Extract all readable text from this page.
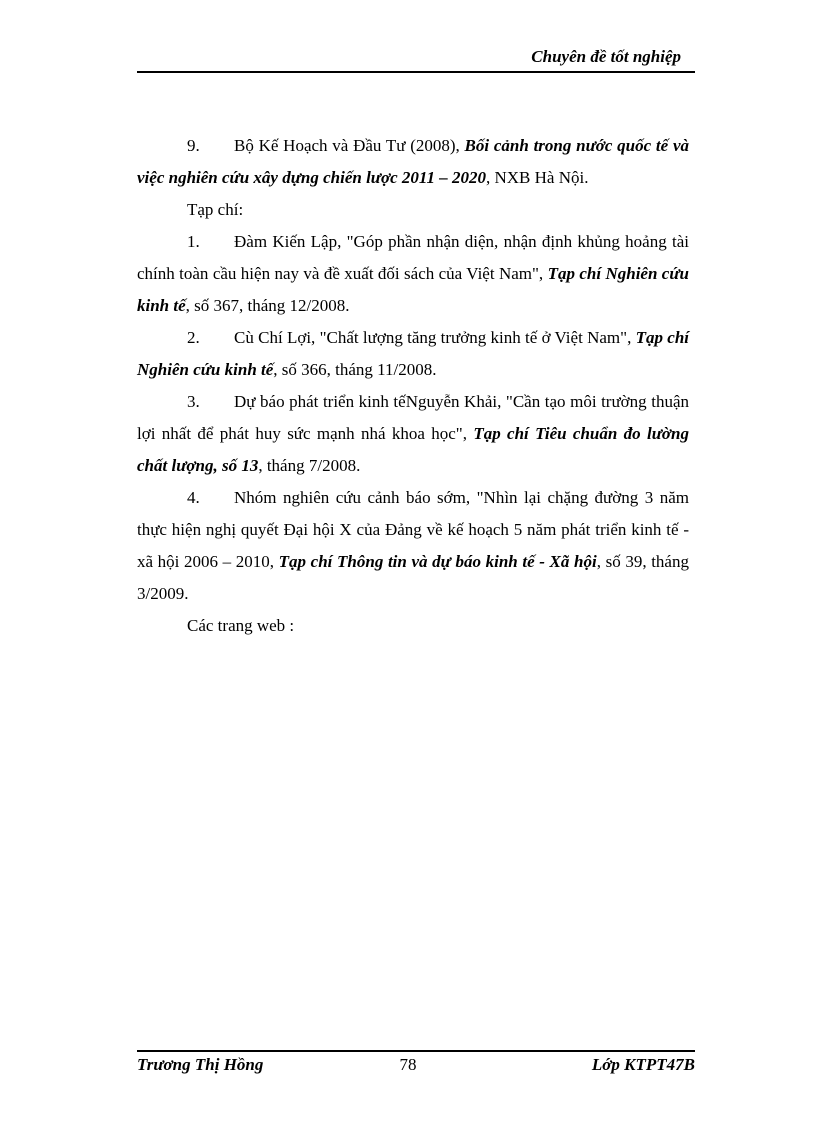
Chuyên đề tốt nghiệp

9. Bộ Kế Hoạch và Đầu Tư (2008), Bối cảnh trong nước quốc tế và việc nghiên cứu xây dựng chiến lược 2011 – 2020, NXB Hà Nội.

Tạp chí:

1. Đàm Kiến Lập, "Góp phần nhận diện, nhận định khủng hoảng tài chính toàn cầu hiện nay và đề xuất đối sách của Việt Nam", Tạp chí Nghiên cứu kinh tế, số 367, tháng 12/2008.

2. Cù Chí Lợi, "Chất lượng tăng trưởng kinh tế ở Việt Nam", Tạp chí Nghiên cứu kinh tế, số 366, tháng 11/2008.

3. Dự báo phát triển kinh tếNguyễn Khải, "Cần tạo môi trường thuận lợi nhất để phát huy sức mạnh nhá khoa học", Tạp chí Tiêu chuẩn đo lường chất lượng, số 13, tháng 7/2008.

4. Nhóm nghiên cứu cảnh báo sớm, "Nhìn lại chặng đường 3 năm thực hiện nghị quyết Đại hội X của Đảng về kế hoạch 5 năm phát triển kinh tế - xã hội 2006 – 2010, Tạp chí Thông tin và dự báo kinh tế - Xã hội, số 39, tháng 3/2009.

Các trang web :

Trương Thị Hồng	78	Lớp KTPT47B
